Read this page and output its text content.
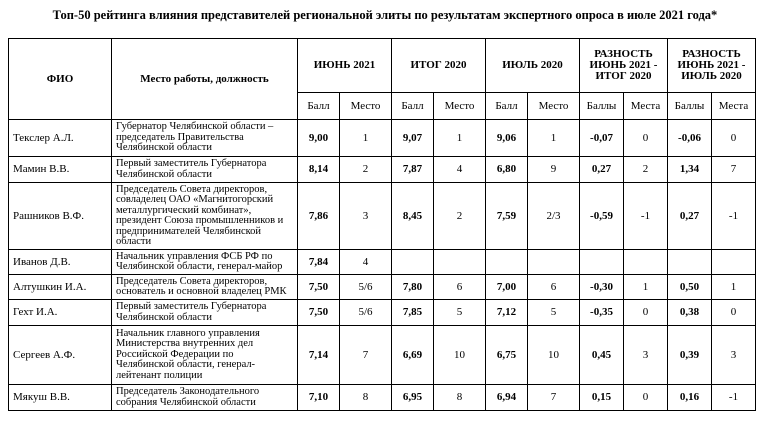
Топ-50 рейтинга влияния представителей региональной элиты по результатам экспертного опроса в июле 2021 года*
ФИО	Место работы, должность	ИЮНЬ 2021		ИТОГ 2020		ИЮЛЬ 2020		РАЗНОСТЬ ИЮНЬ 2021 - ИТОГ 2020		РАЗНОСТЬ ИЮНЬ 2021 - ИЮЛЬ 2020	
		Балл	Место	Балл	Место	Балл	Место	Баллы	Места	Баллы	Места
Текслер А.Л.	Губернатор Челябинской области – председатель Правительства Челябинской области	9,00	1	9,07	1	9,06	1	-0,07	0	-0,06	0
Мамин В.В.	Первый заместитель Губернатора Челябинской области	8,14	2	7,87	4	6,80	9	0,27	2	1,34	7
Рашников В.Ф.	Председатель Совета директоров, совладелец ОАО «Магнитогорский металлургический комбинат», президент Союза промышленников и предпринимателей Челябинской области	7,86	3	8,45	2	7,59	2/3	-0,59	-1	0,27	-1
Иванов Д.В.	Начальник управления ФСБ РФ по Челябинской области, генерал-майор	7,84	4								
Алтушкин И.А.	Председатель Совета директоров, основатель и основной владелец РМК	7,50	5/6	7,80	6	7,00	6	-0,30	1	0,50	1
Гехт И.А.	Первый заместитель Губернатора Челябинской области	7,50	5/6	7,85	5	7,12	5	-0,35	0	0,38	0
Сергеев А.Ф.	Начальник главного управления Министерства внутренних дел Российской Федерации по Челябинской области, генерал-лейтенант полиции	7,14	7	6,69	10	6,75	10	0,45	3	0,39	3
Мякуш В.В.	Председатель Законодательного собрания Челябинской области	7,10	8	6,95	8	6,94	7	0,15	0	0,16	-1
